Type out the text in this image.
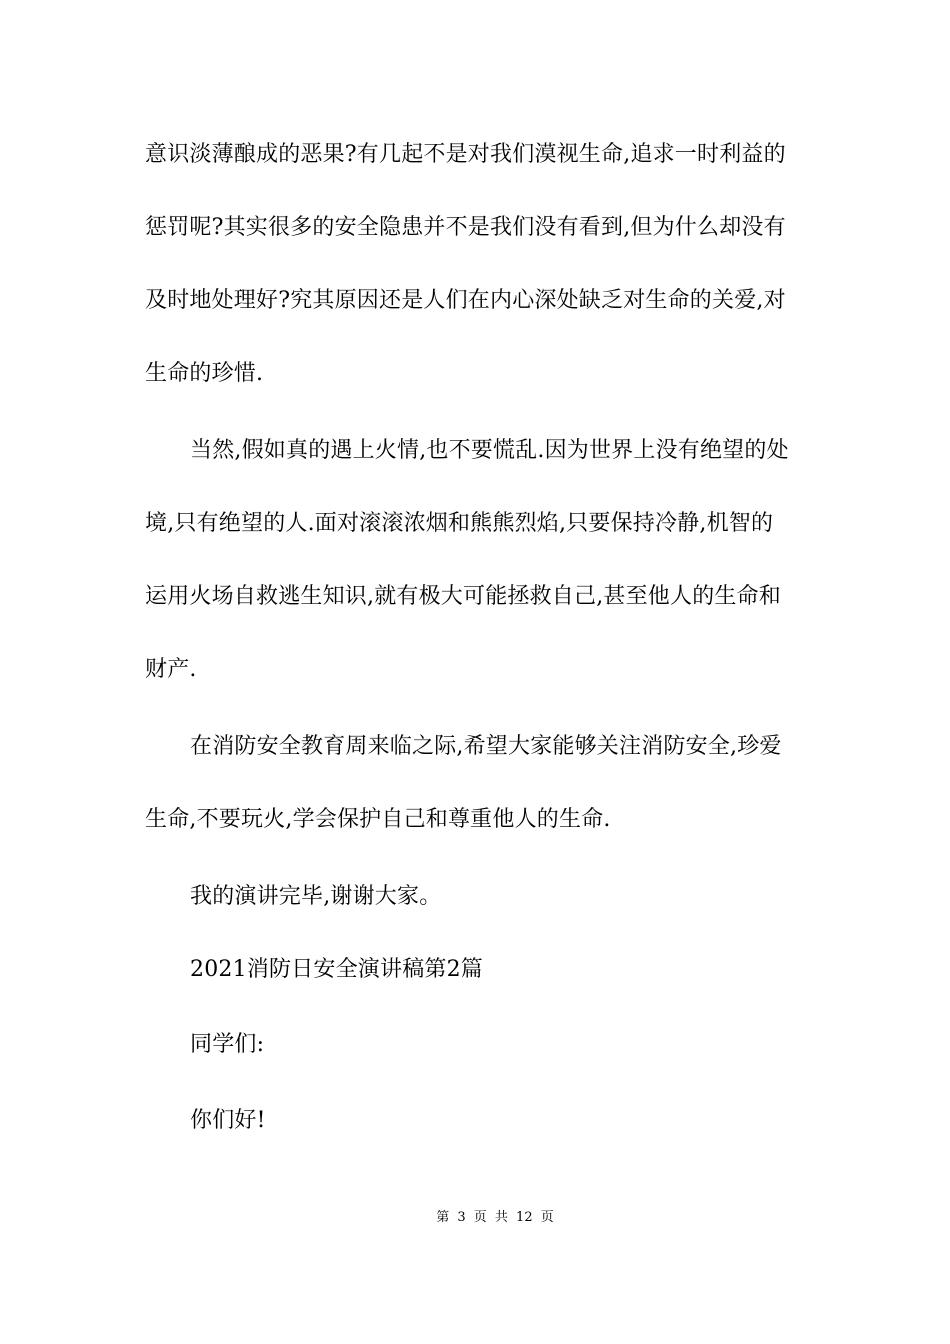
意识淡薄酿成的恶果?有几起不是对我们漠视生命,追求一时利益的
惩罚呢?其实很多的安全隐患并不是我们没有看到,但为什么却没有
及时地处理好?究其原因还是人们在内心深处缺乏对生命的关爱,对
生命的珍惜.
当然,假如真的遇上火情,也不要慌乱.因为世界上没有绝望的处
境,只有绝望的人.面对滚滚浓烟和熊熊烈焰,只要保持冷静,机智的
运用火场自救逃生知识,就有极大可能拯救自己,甚至他人的生命和
财产.
在消防安全教育周来临之际,希望大家能够关注消防安全,珍爱
生命,不要玩火,学会保护自己和尊重他人的生命.
我的演讲完毕,谢谢大家。
2021消防日安全演讲稿第2篇
同学们:
你们好!
第 3 页 共 12 页
